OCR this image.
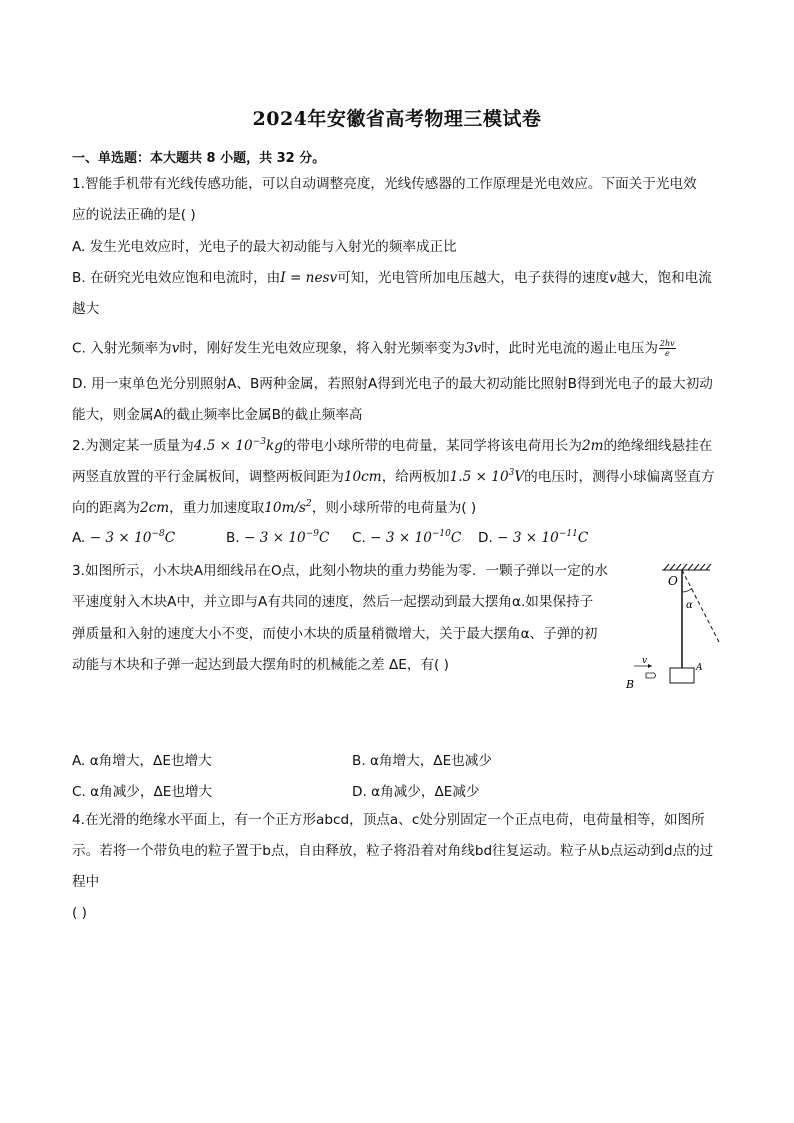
2024年安徽省高考物理三模试卷
一、单选题：本大题共 8 小题，共 32 分。
1.智能手机带有光线传感功能，可以自动调整亮度，光线传感器的工作原理是光电效应。下面关于光电效
应的说法正确的是( )
A. 发生光电效应时，光电子的最大初动能与入射光的频率成正比
B. 在研究光电效应饱和电流时，由I = nesv可知，光电管所加电压越大，电子获得的速度v越大，饱和电流
越大
C. 入射光频率为v时，刚好发生光电效应现象，将入射光频率变为3v时，此时光电流的遏止电压为 $\frac{2hv}{e}$
D. 用一束单色光分别照射A、B两种金属，若照射A得到光电子的最大初动能比照射B得到光电子的最大初动
能大，则金属A的截止频率比金属B的截止频率高
2.为测定某一质量为$4.5 \times 10^{-3}kg$的带电小球所带的电荷量，某同学将该电荷用长为2m的绝缘细线悬挂在
两竖直放置的平行金属板间，调整两板间距为10cm，给两板加$1.5 \times 10^3V$的电压时，测得小球偏离竖直方
向的距离为2cm，重力加速度取$10m/s^2$，则小球所带的电荷量为( )
A. − $3 \times 10^{-8}C$	B. − $3 \times 10^{-9}C$ C. − $3 \times 10^{-10}C$ D. − $3 \times 10^{-11}C$
3.如图所示，小木块A用细线吊在O点，此刻小物块的重力势能为零．一颗子弹以一定的水
平速度射入木块A中，并立即与A有共同的速度，然后一起摆动到最大摆角α.如果保持子
弹质量和入射的速度大小不变，而使小木块的质量稍微增大，关于最大摆角α、子弹的初
动能与木块和子弹一起达到最大摆角时的机械能之差 ΔE，有( )
O
α
A
v
B
A. α角增大，ΔE也增大	B. α角增大，ΔE也减少
C. α角减少，ΔE也增大	D. α角减少，ΔE减少
4.在光滑的绝缘水平面上，有一个正方形abcd，顶点a、c处分别固定一个正点电荷，电荷量相等，如图所
示。若将一个带负电的粒子置于b点，自由释放，粒子将沿着对角线bd往复运动。粒子从b点运动到d点的过
程中
( )
